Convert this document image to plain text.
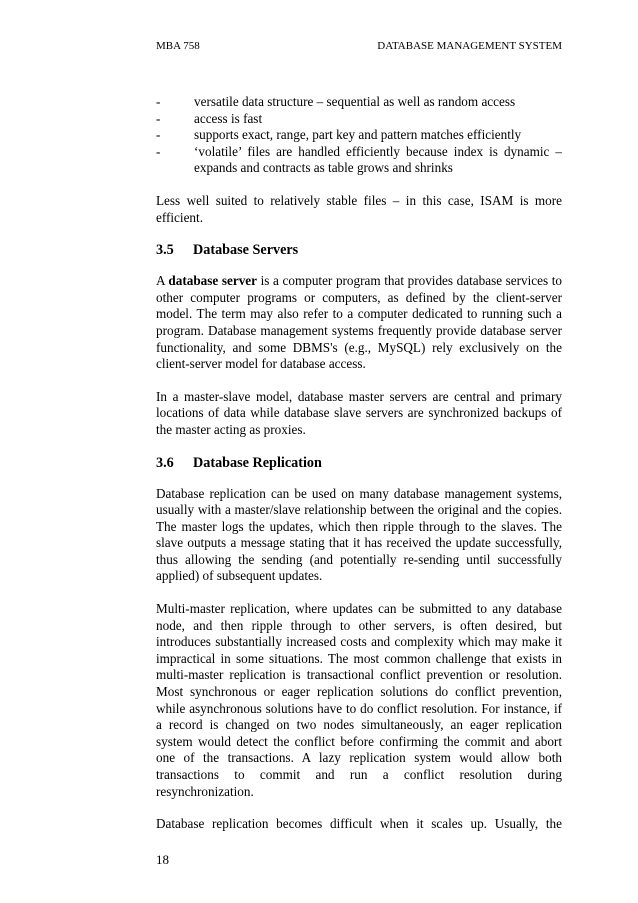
MBA 758	DATABASE MANAGEMENT SYSTEM
-	versatile data structure – sequential as well as random access
-	access is fast
-	supports exact, range, part key and pattern matches efficiently
-	‘volatile’ files are handled efficiently because index is dynamic – expands and contracts as table grows and shrinks

Less well suited to relatively stable files – in this case, ISAM is more efficient.

3.5 Database Servers

A database server is a computer program that provides database services to other computer programs or computers, as defined by the client-server model. The term may also refer to a computer dedicated to running such a program. Database management systems frequently provide database server functionality, and some DBMS's (e.g., MySQL) rely exclusively on the client-server model for database access.

In a master-slave model, database master servers are central and primary locations of data while database slave servers are synchronized backups of the master acting as proxies.

3.6 Database Replication

Database replication can be used on many database management systems, usually with a master/slave relationship between the original and the copies. The master logs the updates, which then ripple through to the slaves. The slave outputs a message stating that it has received the update successfully, thus allowing the sending (and potentially re-sending until successfully applied) of subsequent updates.

Multi-master replication, where updates can be submitted to any database node, and then ripple through to other servers, is often desired, but introduces substantially increased costs and complexity which may make it impractical in some situations. The most common challenge that exists in multi-master replication is transactional conflict prevention or resolution. Most synchronous or eager replication solutions do conflict prevention, while asynchronous solutions have to do conflict resolution. For instance, if a record is changed on two nodes simultaneously, an eager replication system would detect the conflict before confirming the commit and abort one of the transactions. A lazy replication system would allow both transactions to commit and run a conflict resolution during resynchronization.

Database replication becomes difficult when it scales up. Usually, the

18
